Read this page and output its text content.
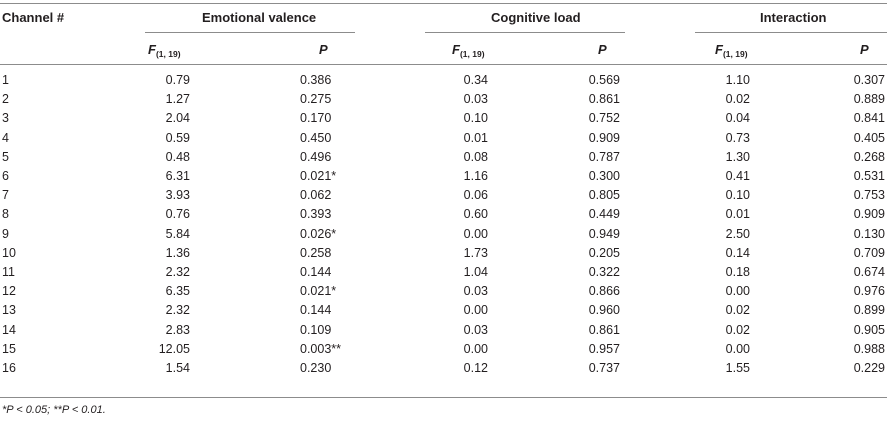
Channel #	Emotional valence	Cognitive load	Interaction
$F_{(1, 19)}$	P	$F_{(1, 19)}$	P	$F_{(1, 19)}$	P
1	0.79	0.386	0.34	0.569	1.10	0.307
2	1.27	0.275	0.03	0.861	0.02	0.889
3	2.04	0.170	0.10	0.752	0.04	0.841
4	0.59	0.450	0.01	0.909	0.73	0.405
5	0.48	0.496	0.08	0.787	1.30	0.268
6	6.31	0.021*	1.16	0.300	0.41	0.531
7	3.93	0.062	0.06	0.805	0.10	0.753
8	0.76	0.393	0.60	0.449	0.01	0.909
9	5.84	0.026*	0.00	0.949	2.50	0.130
10	1.36	0.258	1.73	0.205	0.14	0.709
11	2.32	0.144	1.04	0.322	0.18	0.674
12	6.35	0.021*	0.03	0.866	0.00	0.976
13	2.32	0.144	0.00	0.960	0.02	0.899
14	2.83	0.109	0.03	0.861	0.02	0.905
15	12.05	0.003**	0.00	0.957	0.00	0.988
16	1.54	0.230	0.12	0.737	1.55	0.229
*P < 0.05; **P < 0.01.
